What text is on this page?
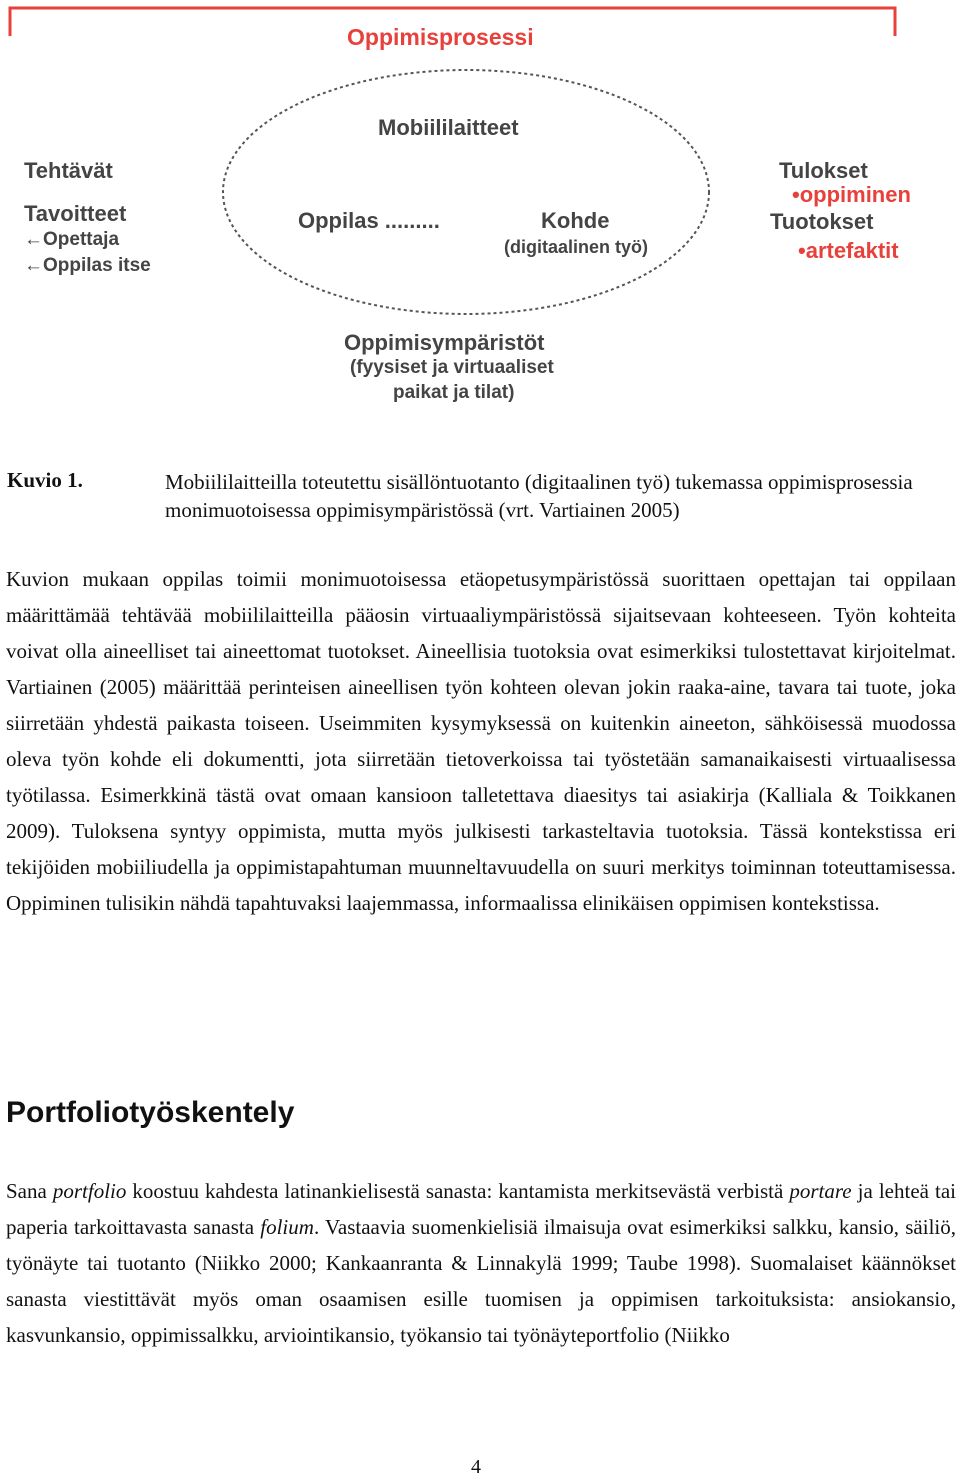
Oppimisprosessi
Mobiililaitteet
Oppilas .........	Kohde
(digitaalinen työ)
Tehtävät
Tavoitteet
←Opettaja
←Oppilas itse
Tulokset
•oppiminen
Tuotokset
•artefaktit
Oppimisympäristöt
(fyysiset ja virtuaaliset
paikat ja tilat)
Kuvio 1.	Mobiililaitteilla toteutettu sisällöntuotanto (digitaalinen työ) tukemassa oppimisprosessia monimuotoisessa oppimisympäristössä (vrt. Vartiainen 2005)

Kuvion mukaan oppilas toimii monimuotoisessa etäopetusympäristössä suorittaen opettajan tai oppilaan määrittämää tehtävää mobiililaitteilla pääosin virtuaaliympäristössä sijaitsevaan kohteeseen. Työn kohteita voivat olla aineelliset tai aineettomat tuotokset. Aineellisia tuotoksia ovat esimerkiksi tulostettavat kirjoitelmat. Vartiainen (2005) määrittää perinteisen aineellisen työn kohteen olevan jokin raaka-aine, tavara tai tuote, joka siirretään yhdestä paikasta toiseen. Useimmiten kysymyksessä on kuitenkin aineeton, sähköisessä muodossa oleva työn kohde eli dokumentti, jota siirretään tietoverkoissa tai työstetään samanaikaisesti virtuaalisessa työtilassa. Esimerkkinä tästä ovat omaan kansioon talletettava diaesitys tai asiakirja (Kalliala & Toikkanen 2009). Tuloksena syntyy oppimista, mutta myös julkisesti tarkasteltavia tuotoksia. Tässä kontekstissa eri tekijöiden mobiiliudella ja oppimistapahtuman muunneltavuudella on suuri merkitys toiminnan toteuttamisessa. Oppiminen tulisikin nähdä tapahtuvaksi laajemmassa, informaalissa elinikäisen oppimisen kontekstissa.

Portfoliotyöskentely

Sana portfolio koostuu kahdesta latinankielisestä sanasta: kantamista merkitsevästä verbistä portare ja lehteä tai paperia tarkoittavasta sanasta folium. Vastaavia suomenkielisiä ilmaisuja ovat esimerkiksi salkku, kansio, säiliö, työnäyte tai tuotanto (Niikko 2000; Kankaanranta & Linnakylä 1999; Taube 1998). Suomalaiset käännökset sanasta viestittävät myös oman osaamisen esille tuomisen ja oppimisen tarkoituksista: ansiokansio, kasvunkansio, oppimissalkku, arviointikansio, työkansio tai työnäyteportfolio (Niikko

4
